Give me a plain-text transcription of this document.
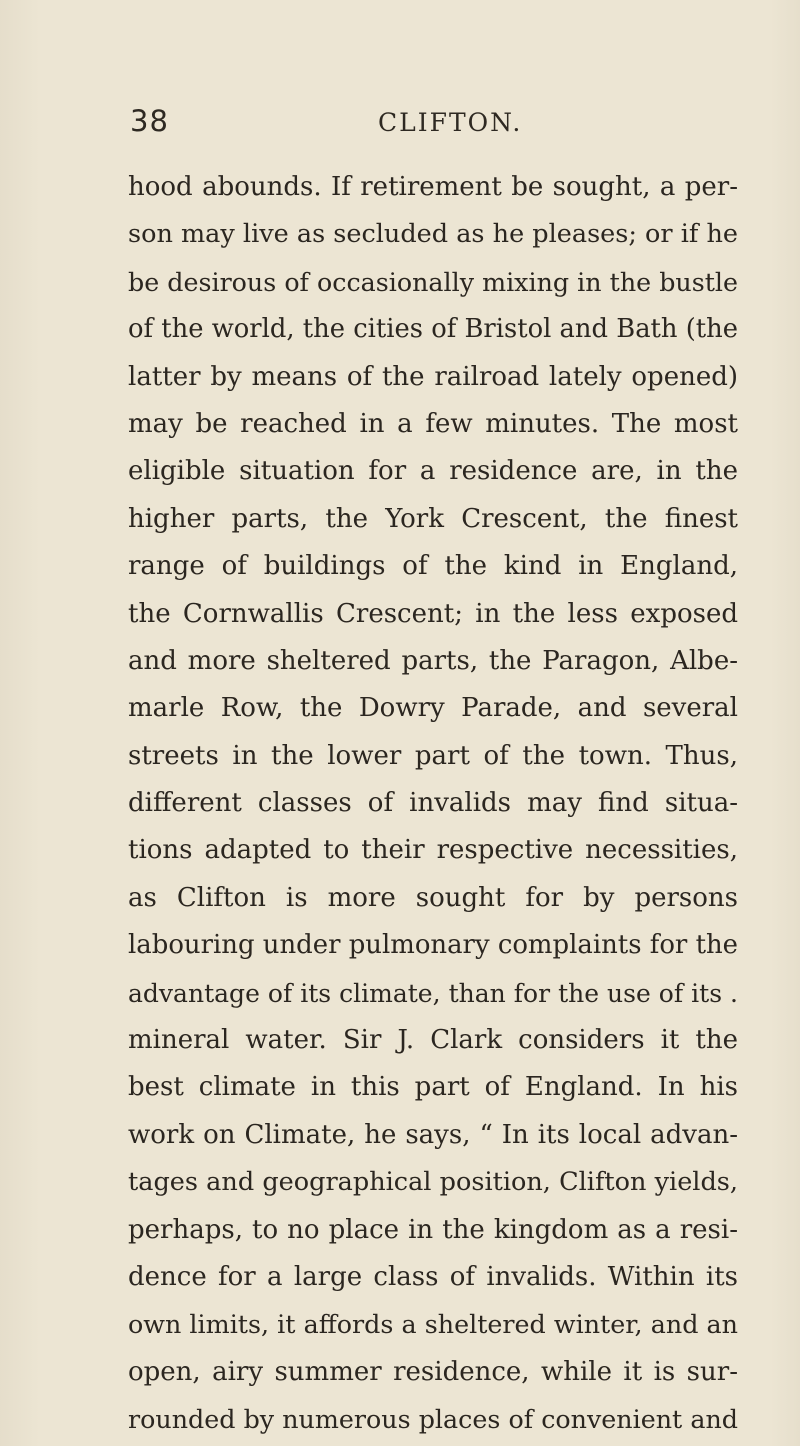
38	CLIFTON.
hood abounds. If retirement be sought, a per-
son may live as secluded as he pleases; or if he
be desirous of occasionally mixing in the bustle
of the world, the cities of Bristol and Bath (the
latter by means of the railroad lately opened)
may be reached in a few minutes. The most
eligible situation for a residence are, in the
higher parts, the York Crescent, the finest
range of buildings of the kind in England,
the Cornwallis Crescent; in the less exposed
and more sheltered parts, the Paragon, Albe-
marle Row, the Dowry Parade, and several
streets in the lower part of the town. Thus,
different classes of invalids may find situa-
tions adapted to their respective necessities,
as Clifton is more sought for by persons
labouring under pulmonary complaints for the
advantage of its climate, than for the use of its .
mineral water. Sir J. Clark considers it the
best climate in this part of England. In his
work on Climate, he says, “ In its local advan-
tages and geographical position, Clifton yields,
perhaps, to no place in the kingdom as a resi-
dence for a large class of invalids. Within its
own limits, it affords a sheltered winter, and an
open, airy summer residence, while it is sur-
rounded by numerous places of convenient and
